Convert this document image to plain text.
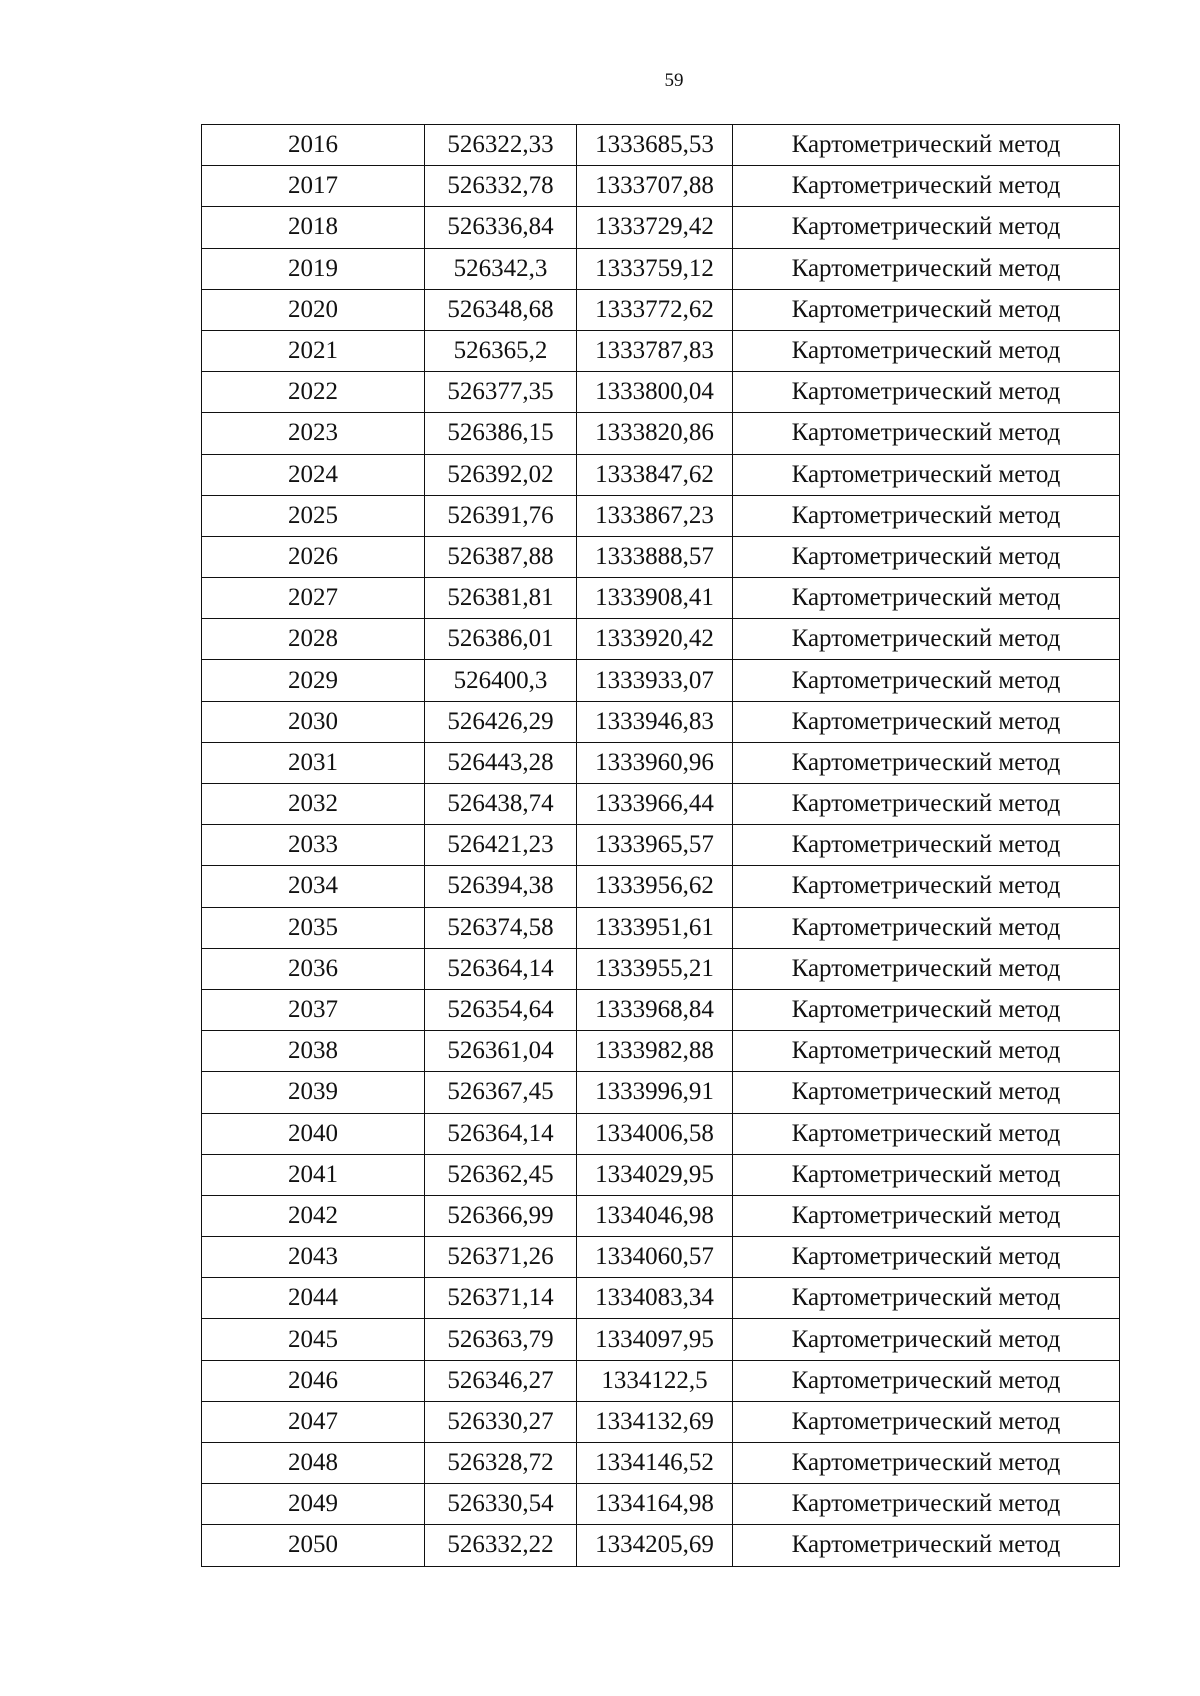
59
2016	526322,33	1333685,53	Картометрический метод
2017	526332,78	1333707,88	Картометрический метод
2018	526336,84	1333729,42	Картометрический метод
2019	526342,3	1333759,12	Картометрический метод
2020	526348,68	1333772,62	Картометрический метод
2021	526365,2	1333787,83	Картометрический метод
2022	526377,35	1333800,04	Картометрический метод
2023	526386,15	1333820,86	Картометрический метод
2024	526392,02	1333847,62	Картометрический метод
2025	526391,76	1333867,23	Картометрический метод
2026	526387,88	1333888,57	Картометрический метод
2027	526381,81	1333908,41	Картометрический метод
2028	526386,01	1333920,42	Картометрический метод
2029	526400,3	1333933,07	Картометрический метод
2030	526426,29	1333946,83	Картометрический метод
2031	526443,28	1333960,96	Картометрический метод
2032	526438,74	1333966,44	Картометрический метод
2033	526421,23	1333965,57	Картометрический метод
2034	526394,38	1333956,62	Картометрический метод
2035	526374,58	1333951,61	Картометрический метод
2036	526364,14	1333955,21	Картометрический метод
2037	526354,64	1333968,84	Картометрический метод
2038	526361,04	1333982,88	Картометрический метод
2039	526367,45	1333996,91	Картометрический метод
2040	526364,14	1334006,58	Картометрический метод
2041	526362,45	1334029,95	Картометрический метод
2042	526366,99	1334046,98	Картометрический метод
2043	526371,26	1334060,57	Картометрический метод
2044	526371,14	1334083,34	Картометрический метод
2045	526363,79	1334097,95	Картометрический метод
2046	526346,27	1334122,5	Картометрический метод
2047	526330,27	1334132,69	Картометрический метод
2048	526328,72	1334146,52	Картометрический метод
2049	526330,54	1334164,98	Картометрический метод
2050	526332,22	1334205,69	Картометрический метод
